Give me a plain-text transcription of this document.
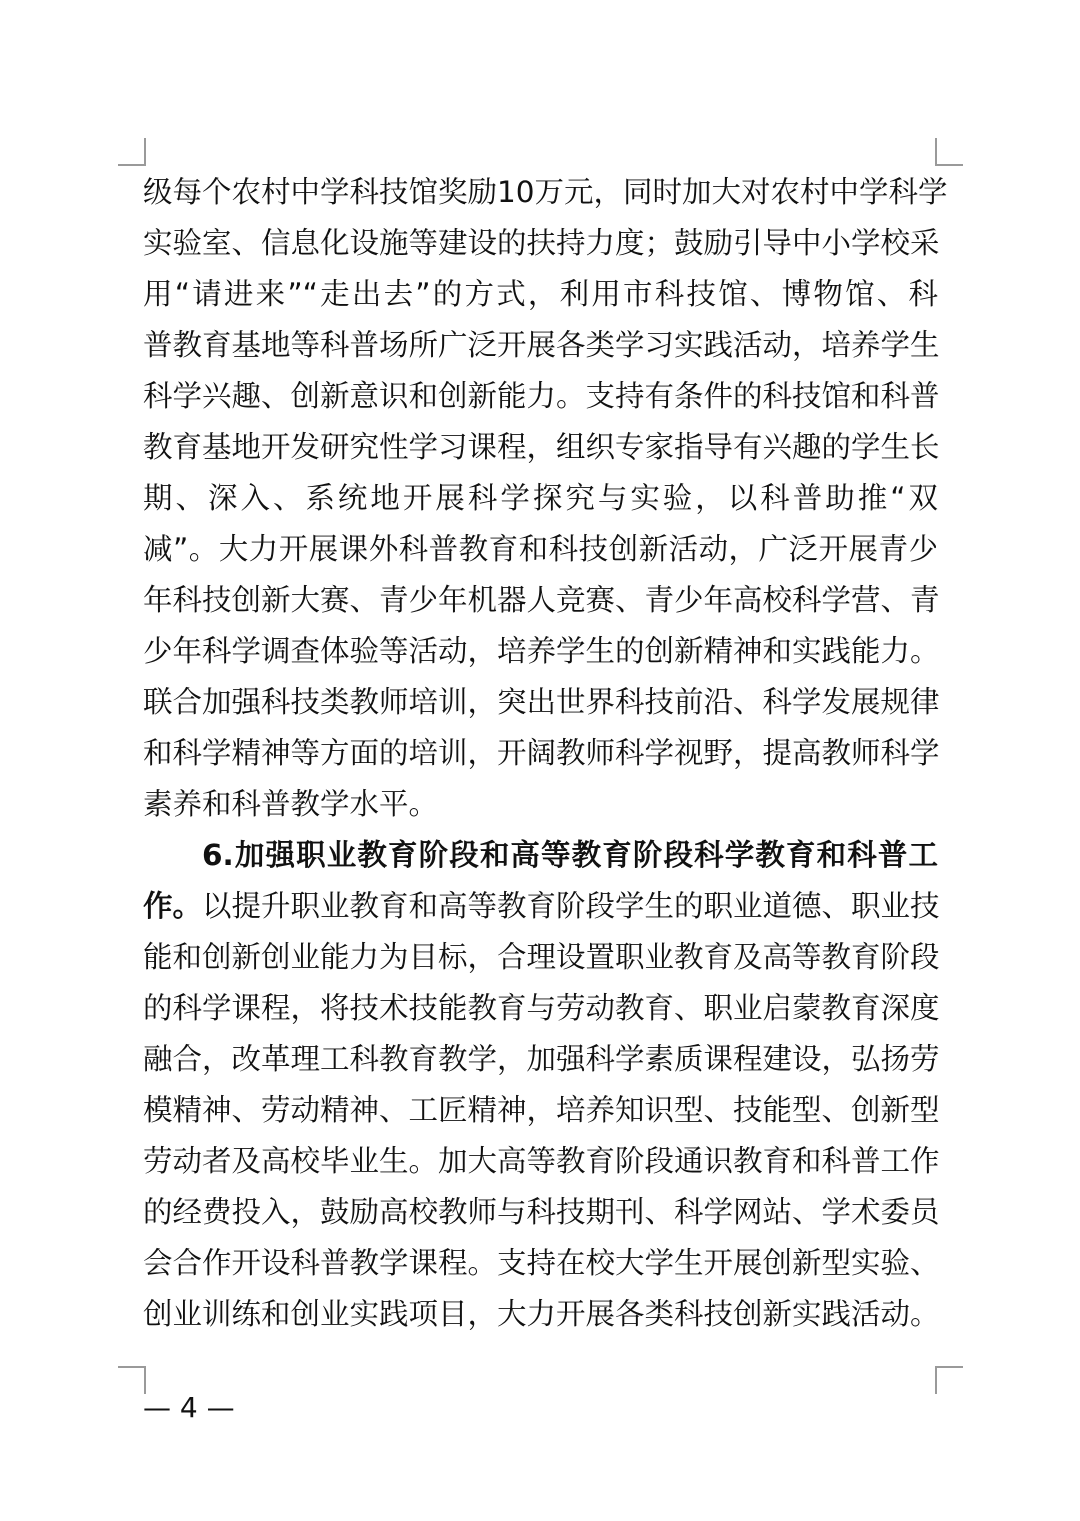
级每个农村中学科技馆奖励10万元，同时加大对农村中学科学
实验室、信息化设施等建设的扶持力度；鼓励引导中小学校采
用“请进来”“走出去”的方式，利用市科技馆、博物馆、科
普教育基地等科普场所广泛开展各类学习实践活动，培养学生
科学兴趣、创新意识和创新能力。支持有条件的科技馆和科普
教育基地开发研究性学习课程，组织专家指导有兴趣的学生长
期、深入、系统地开展科学探究与实验，以科普助推“双
减”。大力开展课外科普教育和科技创新活动，广泛开展青少
年科技创新大赛、青少年机器人竞赛、青少年高校科学营、青
少年科学调查体验等活动，培养学生的创新精神和实践能力。
联合加强科技类教师培训，突出世界科技前沿、科学发展规律
和科学精神等方面的培训，开阔教师科学视野，提高教师科学
素养和科普教学水平。
6.加强职业教育阶段和高等教育阶段科学教育和科普工
作。以提升职业教育和高等教育阶段学生的职业道德、职业技
能和创新创业能力为目标，合理设置职业教育及高等教育阶段
的科学课程，将技术技能教育与劳动教育、职业启蒙教育深度
融合，改革理工科教育教学，加强科学素质课程建设，弘扬劳
模精神、劳动精神、工匠精神，培养知识型、技能型、创新型
劳动者及高校毕业生。加大高等教育阶段通识教育和科普工作
的经费投入，鼓励高校教师与科技期刊、科学网站、学术委员
会合作开设科普教学课程。支持在校大学生开展创新型实验、
创业训练和创业实践项目，大力开展各类科技创新实践活动。
— 4 —
